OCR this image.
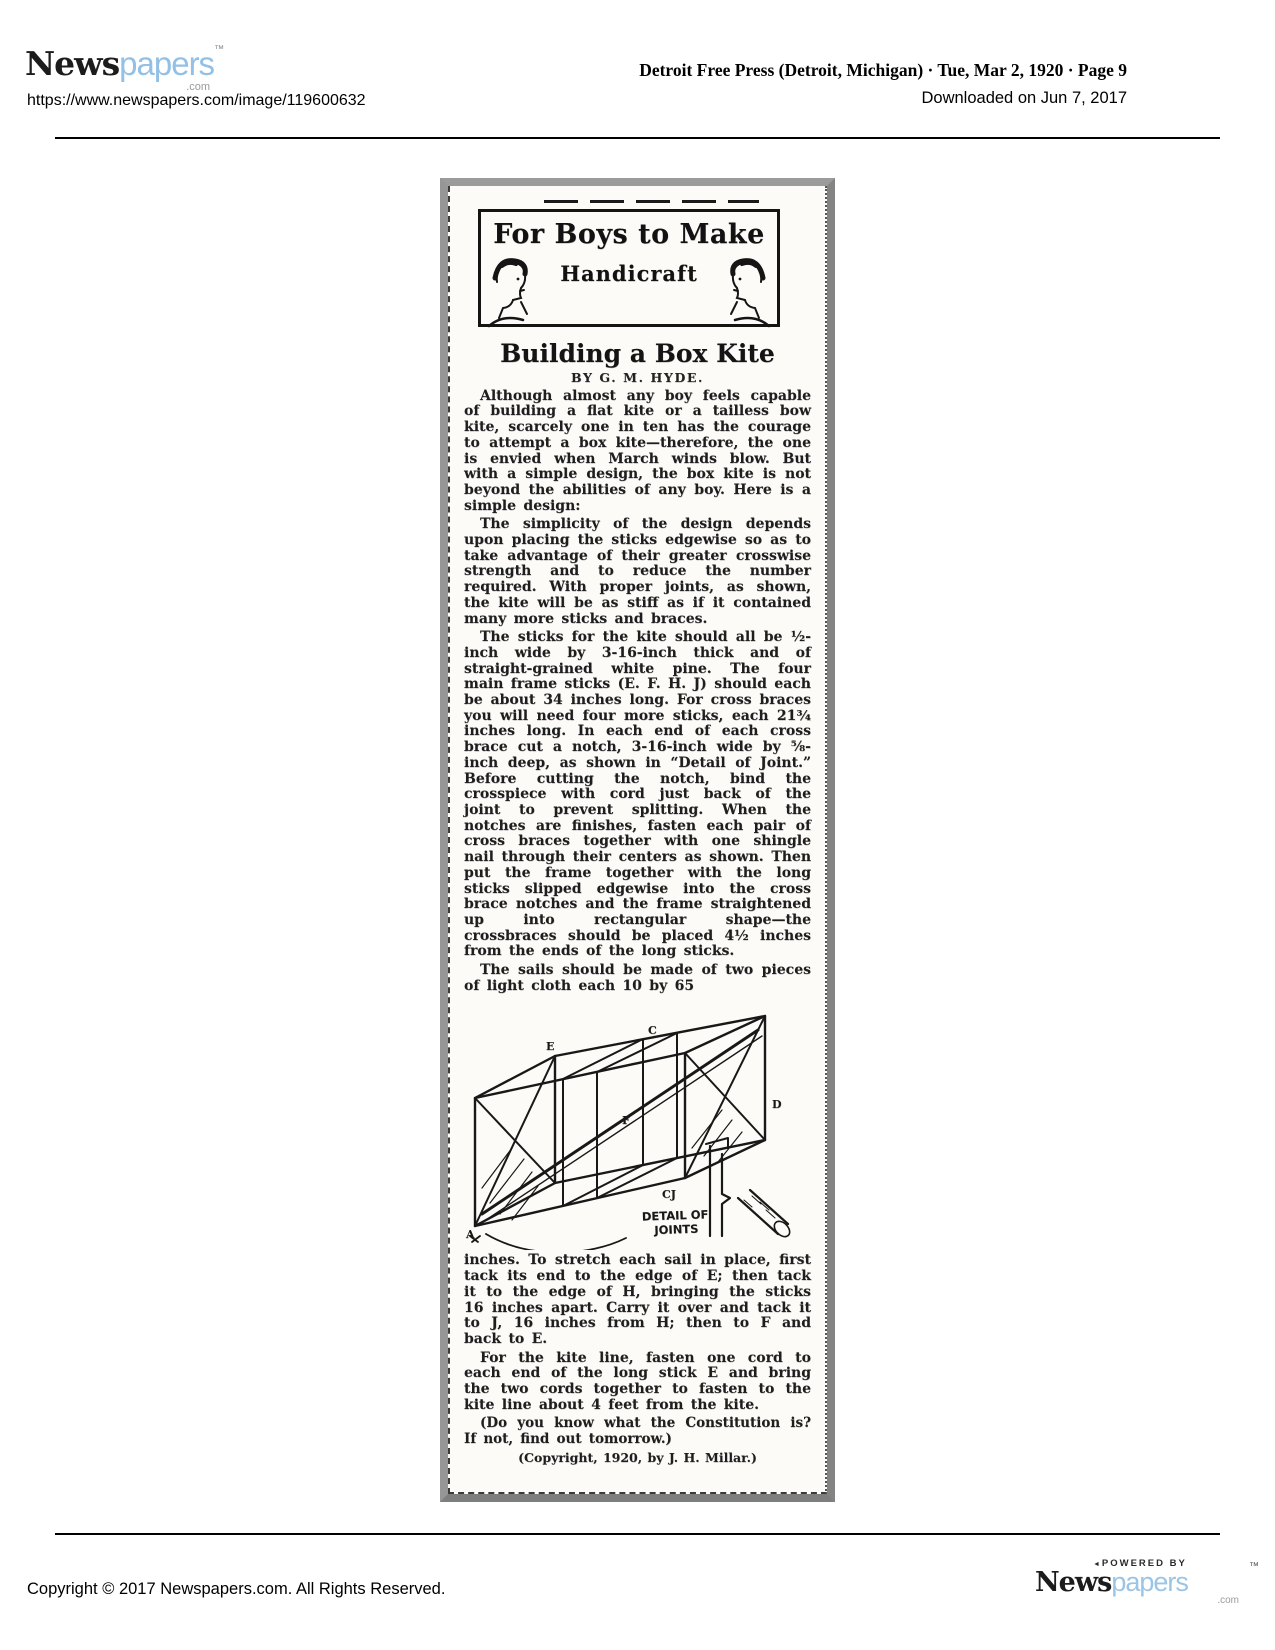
Newspapers™
.com
https://www.newspapers.com/image/119600632
Detroit Free Press (Detroit, Michigan) · Tue, Mar 2, 1920 · Page 9
Downloaded on Jun 7, 2017
For Boys to Make
Handicraft
Building a Box Kite
BY G. M. HYDE.

Although almost any boy feels capable of building a flat kite or a tailless bow kite, scarcely one in ten has the courage to attempt a box kite—therefore, the one is envied when March winds blow. But with a simple design, the box kite is not beyond the abilities of any boy. Here is a simple design:

The simplicity of the design depends upon placing the sticks edgewise so as to take advantage of their greater crosswise strength and to reduce the number required. With proper joints, as shown, the kite will be as stiff as if it contained many more sticks and braces.

The sticks for the kite should all be ½-inch wide by 3-16-inch thick and of straight-grained white pine. The four main frame sticks (E. F. H. J) should each be about 34 inches long. For cross braces you will need four more sticks, each 21¾ inches long. In each end of each cross brace cut a notch, 3-16-inch wide by ⅝-inch deep, as shown in “Detail of Joint.” Before cutting the notch, bind the crosspiece with cord just back of the joint to prevent splitting. When the notches are finishes, fasten each pair of cross braces together with one shingle nail through their centers as shown. Then put the frame together with the long sticks slipped edgewise into the cross brace notches and the frame straightened up into rectangular shape—the crossbraces should be placed 4½ inches from the ends of the long sticks.

The sails should be made of two pieces of light cloth each 10 by 65

C
D
E
F
CJ
A
DETAIL OF
JOINTS

inches. To stretch each sail in place, first tack its end to the edge of E; then tack it to the edge of H, bringing the sticks 16 inches apart. Carry it over and tack it to J, 16 inches from H; then to F and back to E.

For the kite line, fasten one cord to each end of the long stick E and bring the two cords together to fasten to the kite line about 4 feet from the kite.

(Do you know what the Constitution is? If not, find out tomorrow.)

(Copyright, 1920, by J. H. Millar.)

Copyright © 2017 Newspapers.com. All Rights Reserved.
◄ POWERED BY
Newspapers
™
.com
